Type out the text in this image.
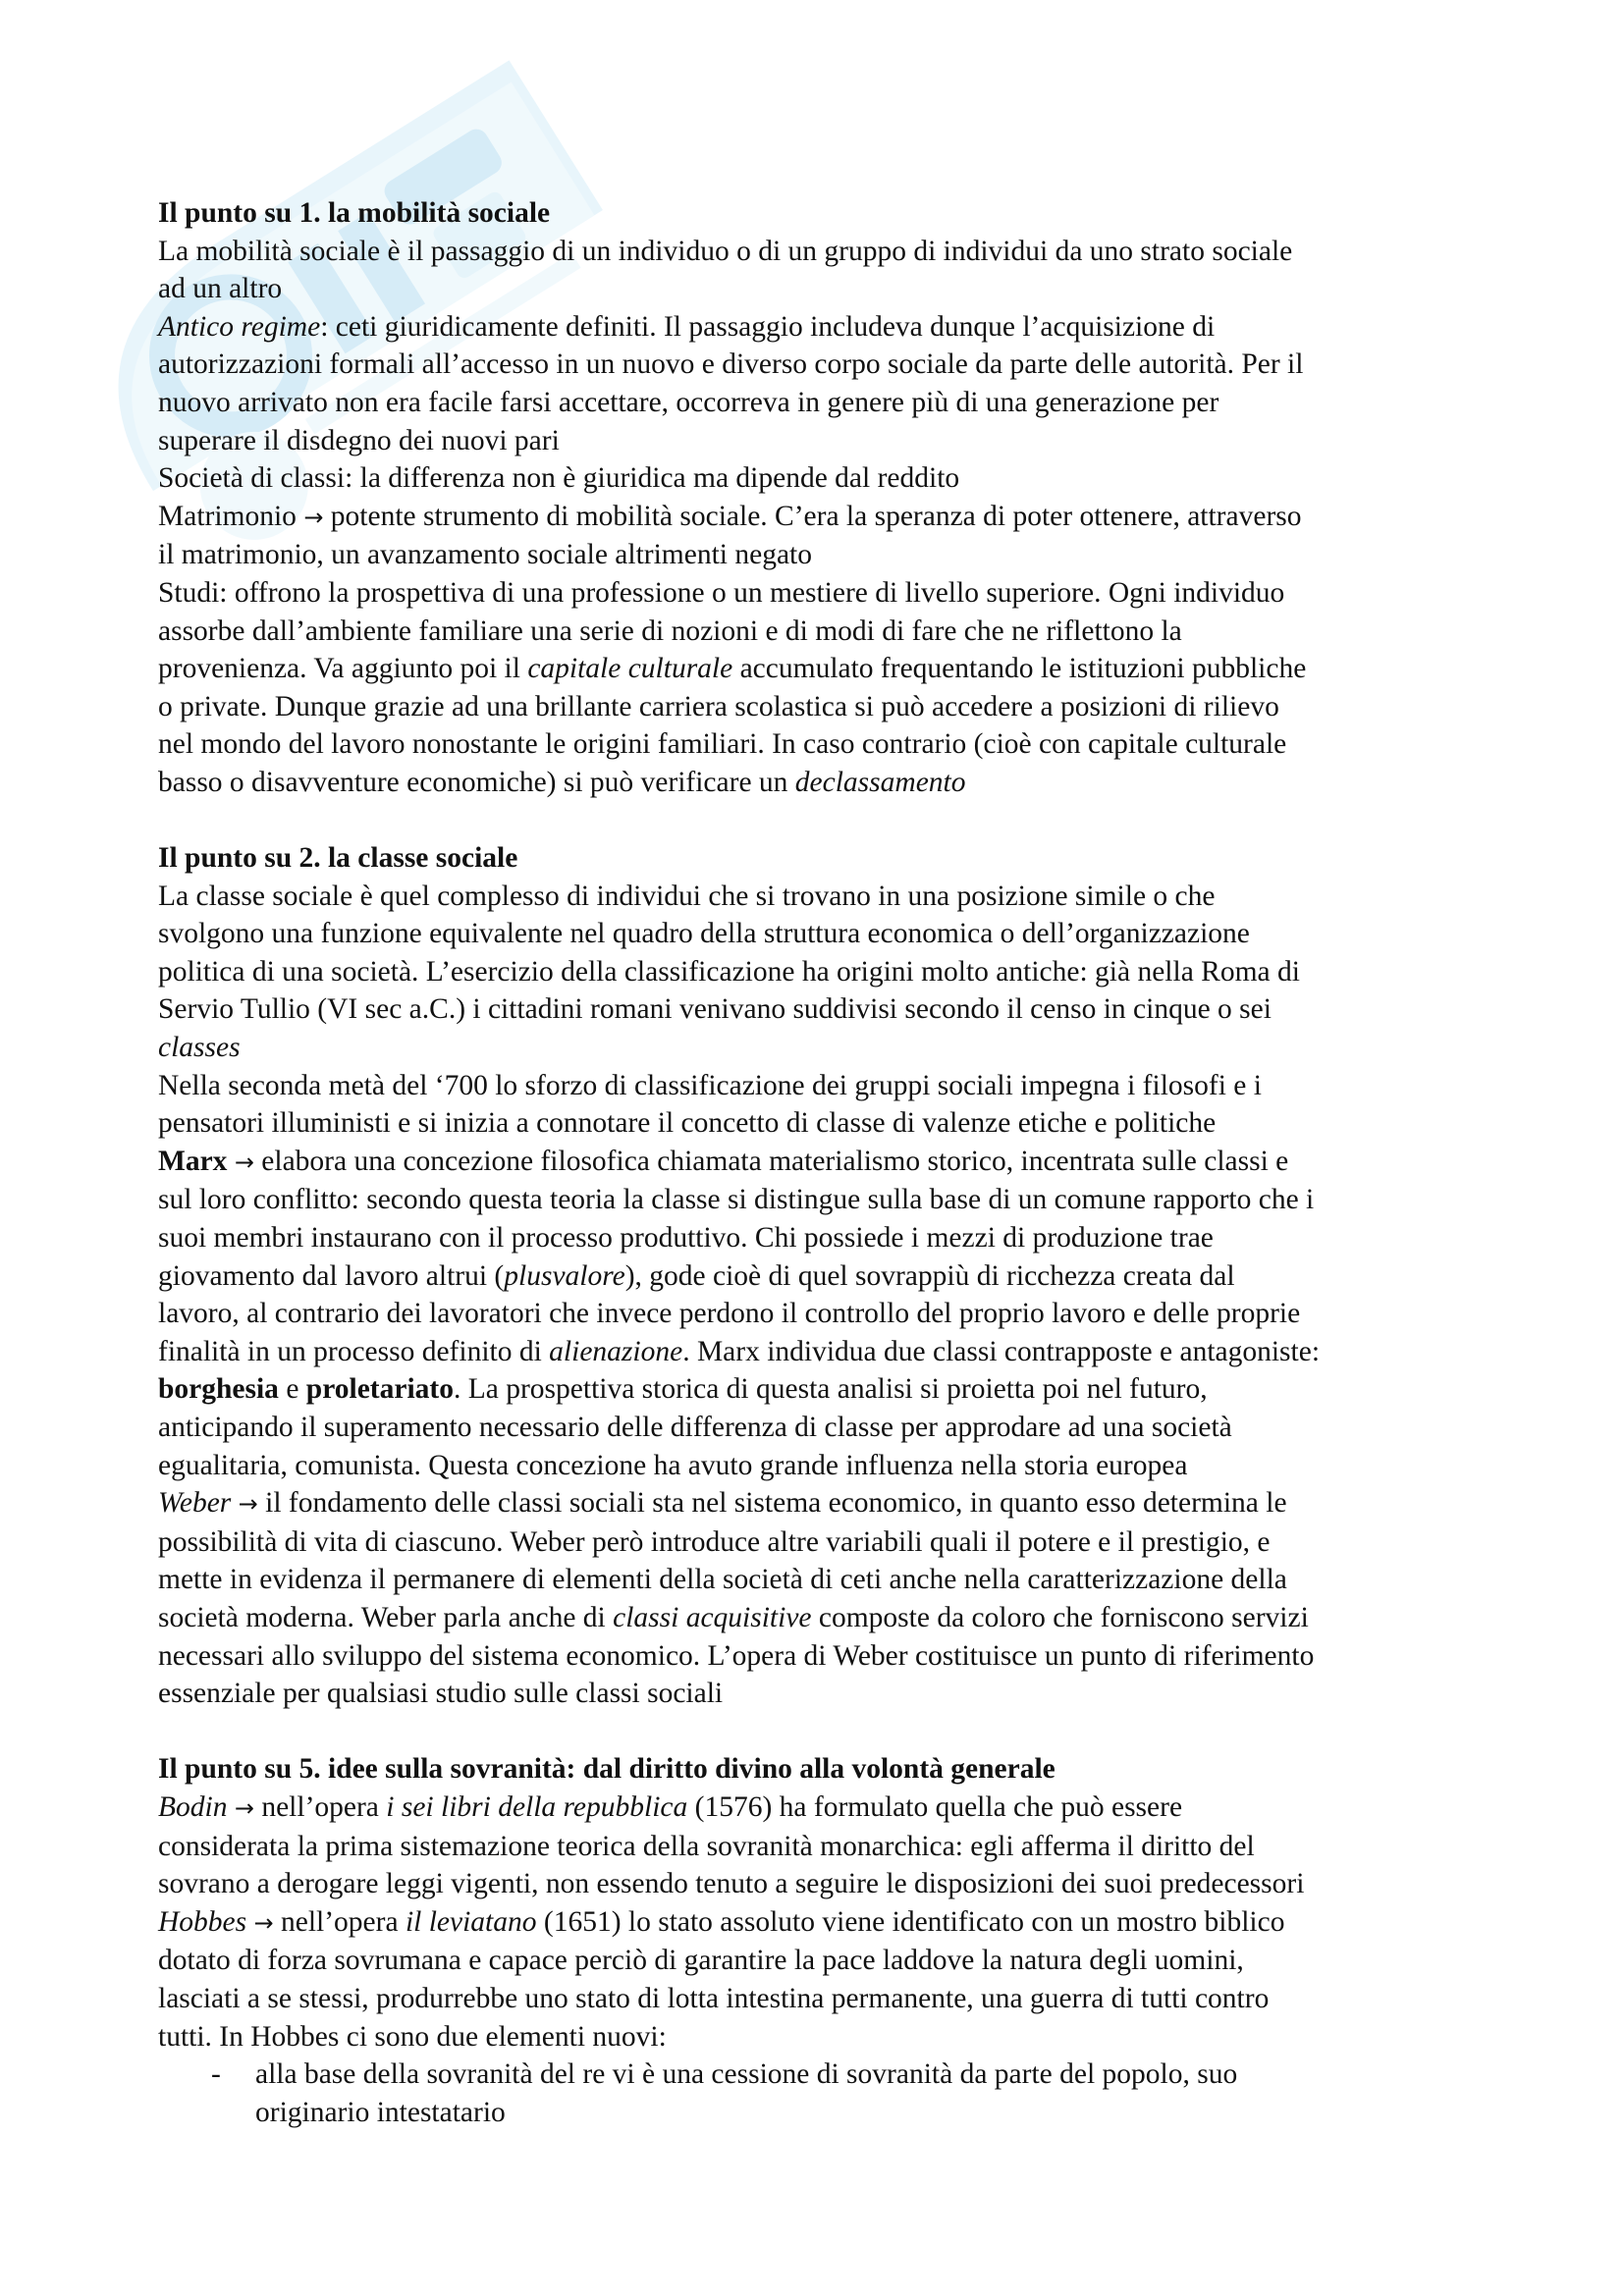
Il punto su 1. la mobilità sociale
La mobilità sociale è il passaggio di un individuo o di un gruppo di individui da uno strato sociale
ad un altro
Antico regime: ceti giuridicamente definiti. Il passaggio includeva dunque l’acquisizione di
autorizzazioni formali all’accesso in un nuovo e diverso corpo sociale da parte delle autorità. Per il
nuovo arrivato non era facile farsi accettare, occorreva in genere più di una generazione per
superare il disdegno dei nuovi pari
Società di classi: la differenza non è giuridica ma dipende dal reddito
Matrimonio → potente strumento di mobilità sociale. C’era la speranza di poter ottenere, attraverso
il matrimonio, un avanzamento sociale altrimenti negato
Studi: offrono la prospettiva di una professione o un mestiere di livello superiore. Ogni individuo
assorbe dall’ambiente familiare una serie di nozioni e di modi di fare che ne riflettono la
provenienza. Va aggiunto poi il capitale culturale accumulato frequentando le istituzioni pubbliche
o private. Dunque grazie ad una brillante carriera scolastica si può accedere a posizioni di rilievo
nel mondo del lavoro nonostante le origini familiari. In caso contrario (cioè con capitale culturale
basso o disavventure economiche) si può verificare un declassamento
Il punto su 2. la classe sociale
La classe sociale è quel complesso di individui che si trovano in una posizione simile o che
svolgono una funzione equivalente nel quadro della struttura economica o dell’organizzazione
politica di una società. L’esercizio della classificazione ha origini molto antiche: già nella Roma di
Servio Tullio (VI sec a.C.) i cittadini romani venivano suddivisi secondo il censo in cinque o sei
classes
Nella seconda metà del ‘700 lo sforzo di classificazione dei gruppi sociali impegna i filosofi e i
pensatori illuministi e si inizia a connotare il concetto di classe di valenze etiche e politiche
Marx → elabora una concezione filosofica chiamata materialismo storico, incentrata sulle classi e
sul loro conflitto: secondo questa teoria la classe si distingue sulla base di un comune rapporto che i
suoi membri instaurano con il processo produttivo. Chi possiede i mezzi di produzione trae
giovamento dal lavoro altrui (plusvalore), gode cioè di quel sovrappiù di ricchezza creata dal
lavoro, al contrario dei lavoratori che invece perdono il controllo del proprio lavoro e delle proprie
finalità in un processo definito di alienazione. Marx individua due classi contrapposte e antagoniste:
borghesia e proletariato. La prospettiva storica di questa analisi si proietta poi nel futuro,
anticipando il superamento necessario delle differenza di classe per approdare ad una società
egualitaria, comunista. Questa concezione ha avuto grande influenza nella storia europea
Weber → il fondamento delle classi sociali sta nel sistema economico, in quanto esso determina le
possibilità di vita di ciascuno. Weber però introduce altre variabili quali il potere e il prestigio, e
mette in evidenza il permanere di elementi della società di ceti anche nella caratterizzazione della
società moderna. Weber parla anche di classi acquisitive composte da coloro che forniscono servizi
necessari allo sviluppo del sistema economico. L’opera di Weber costituisce un punto di riferimento
essenziale per qualsiasi studio sulle classi sociali
Il punto su 5. idee sulla sovranità: dal diritto divino alla volontà generale
Bodin → nell’opera i sei libri della repubblica (1576) ha formulato quella che può essere
considerata la prima sistemazione teorica della sovranità monarchica: egli afferma il diritto del
sovrano a derogare leggi vigenti, non essendo tenuto a seguire le disposizioni dei suoi predecessori
Hobbes → nell’opera il leviatano (1651) lo stato assoluto viene identificato con un mostro biblico
dotato di forza sovrumana e capace perciò di garantire la pace laddove la natura degli uomini,
lasciati a se stessi, produrrebbe uno stato di lotta intestina permanente, una guerra di tutti contro
tutti. In Hobbes ci sono due elementi nuovi:
- alla base della sovranità del re vi è una cessione di sovranità da parte del popolo, suo
originario intestatario
